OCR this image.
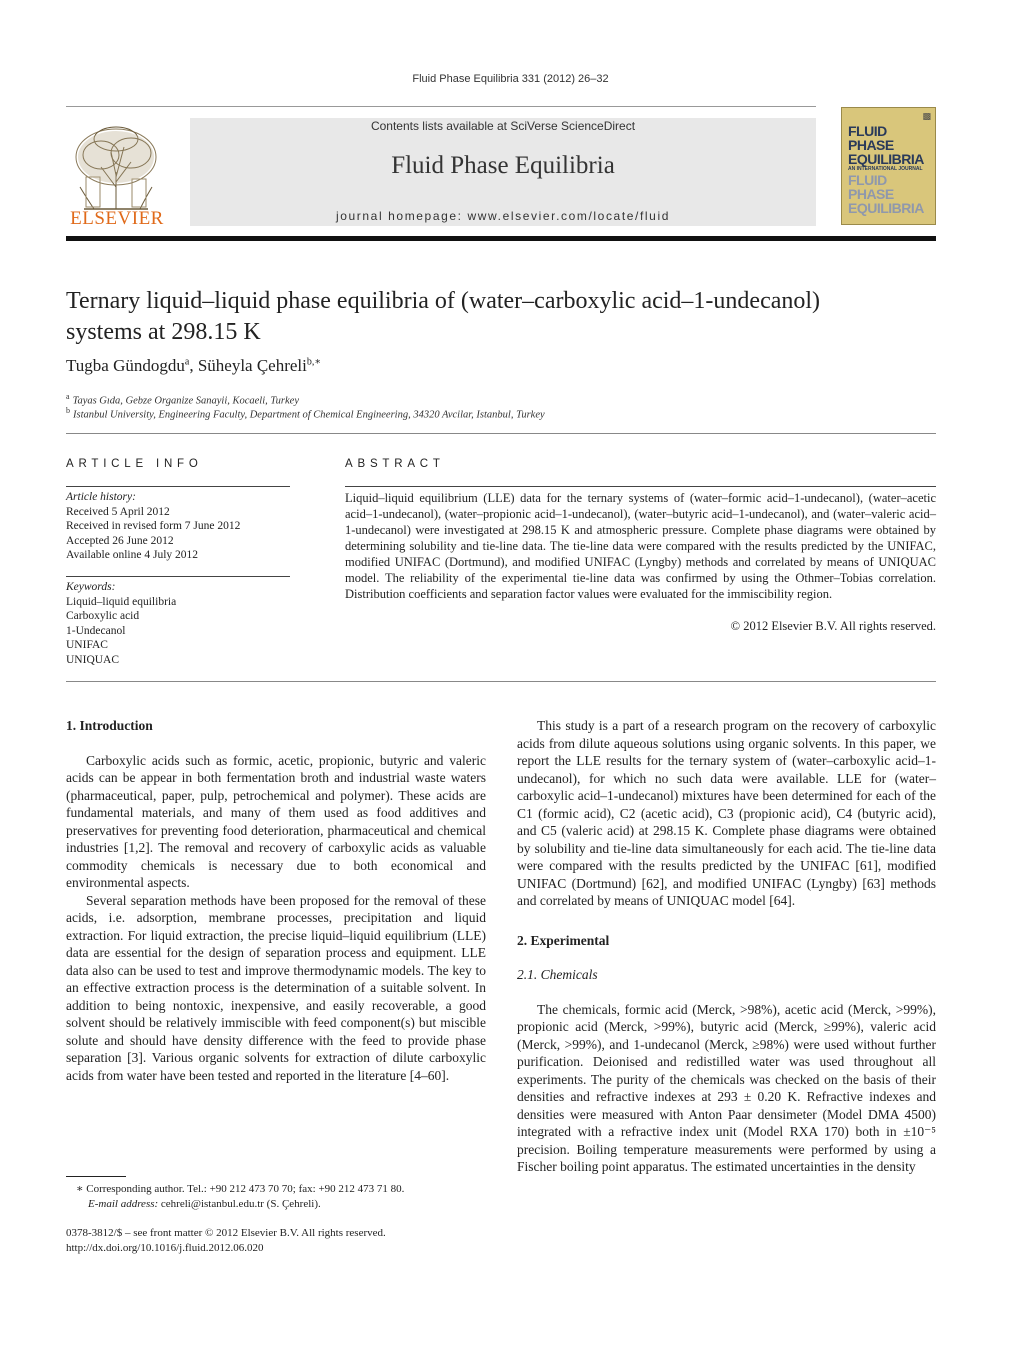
Fluid Phase Equilibria 331 (2012) 26–32
ELSEVIER
Contents lists available at SciVerse ScienceDirect
Fluid Phase Equilibria
journal homepage: www.elsevier.com/locate/fluid
▩
FLUID PHASE
EQUILIBRIA
AN INTERNATIONAL JOURNAL
FLUID PHASE
EQUILIBRIA
Ternary liquid–liquid phase equilibria of (water–carboxylic acid–1-undecanol)
systems at 298.15 K
Tugba Gündogdu$^a$, Süheyla Çehreli$^{b,∗}$
$^a$ Tayas Gıda, Gebze Organize Sanayii, Kocaeli, Turkey
$^b$ Istanbul University, Engineering Faculty, Department of Chemical Engineering, 34320 Avcilar, Istanbul, Turkey
ARTICLE INFO
Article history:
Received 5 April 2012
Received in revised form 7 June 2012
Accepted 26 June 2012
Available online 4 July 2012
Keywords:
Liquid–liquid equilibria
Carboxylic acid
1-Undecanol
UNIFAC
UNIQUAC
ABSTRACT
Liquid–liquid equilibrium (LLE) data for the ternary systems of (water–formic acid–1-undecanol), (water–acetic acid–1-undecanol), (water–propionic acid–1-undecanol), (water–butyric acid–1-undecanol), and (water–valeric acid–1-undecanol) were investigated at 298.15 K and atmospheric pressure. Complete phase diagrams were obtained by determining solubility and tie-line data. The tie-line data were compared with the results predicted by the UNIFAC, modified UNIFAC (Dortmund), and modified UNIFAC (Lyngby) methods and correlated by means of UNIQUAC model. The reliability of the experimental tie-line data was confirmed by using the Othmer–Tobias correlation. Distribution coefficients and separation factor values were evaluated for the immiscibility region.
© 2012 Elsevier B.V. All rights reserved.
1. Introduction

Carboxylic acids such as formic, acetic, propionic, butyric and valeric acids can be appear in both fermentation broth and industrial waste waters (pharmaceutical, paper, pulp, petrochemical and polymer). These acids are fundamental materials, and many of them used as food additives and preservatives for preventing food deterioration, pharmaceutical and chemical industries [1,2]. The removal and recovery of carboxylic acids as valuable commodity chemicals is necessary due to both economical and environmental aspects.

Several separation methods have been proposed for the removal of these acids, i.e. adsorption, membrane processes, precipitation and liquid extraction. For liquid extraction, the precise liquid–liquid equilibrium (LLE) data are essential for the design of separation process and equipment. LLE data also can be used to test and improve thermodynamic models. The key to an effective extraction process is the determination of a suitable solvent. In addition to being nontoxic, inexpensive, and easily recoverable, a good solvent should be relatively immiscible with feed component(s) but miscible solute and should have density difference with the feed to provide phase separation [3]. Various organic solvents for extraction of dilute carboxylic acids from water have been tested and reported in the literature [4–60].

This study is a part of a research program on the recovery of carboxylic acids from dilute aqueous solutions using organic solvents. In this paper, we report the LLE results for the ternary system of (water–carboxylic acid–1-undecanol), for which no such data were available. LLE for (water–carboxylic acid–1-undecanol) mixtures have been determined for each of the C1 (formic acid), C2 (acetic acid), C3 (propionic acid), C4 (butyric acid), and C5 (valeric acid) at 298.15 K. Complete phase diagrams were obtained by solubility and tie-line data simultaneously for each acid. The tie-line data were compared with the results predicted by the UNIFAC [61], modified UNIFAC (Dortmund) [62], and modified UNIFAC (Lyngby) [63] methods and correlated by means of UNIQUAC model [64].

2. Experimental
2.1. Chemicals

The chemicals, formic acid (Merck, >98%), acetic acid (Merck, >99%), propionic acid (Merck, >99%), butyric acid (Merck, ≥99%), valeric acid (Merck, >99%), and 1-undecanol (Merck, ≥98%) were used without further purification. Deionised and redistilled water was used throughout all experiments. The purity of the chemicals was checked on the basis of their densities and refractive indexes at 293 ± 0.20 K. Refractive indexes and densities were measured with Anton Paar densimeter (Model DMA 4500) integrated with a refractive index unit (Model RXA 170) both in ±10⁻⁵ precision. Boiling temperature measurements were performed by using a Fischer boiling point apparatus. The estimated uncertainties in the density

∗ Corresponding author. Tel.: +90 212 473 70 70; fax: +90 212 473 71 80.
E-mail address: cehreli@istanbul.edu.tr (S. Çehreli).
0378-3812/$ – see front matter © 2012 Elsevier B.V. All rights reserved.
http://dx.doi.org/10.1016/j.fluid.2012.06.020
